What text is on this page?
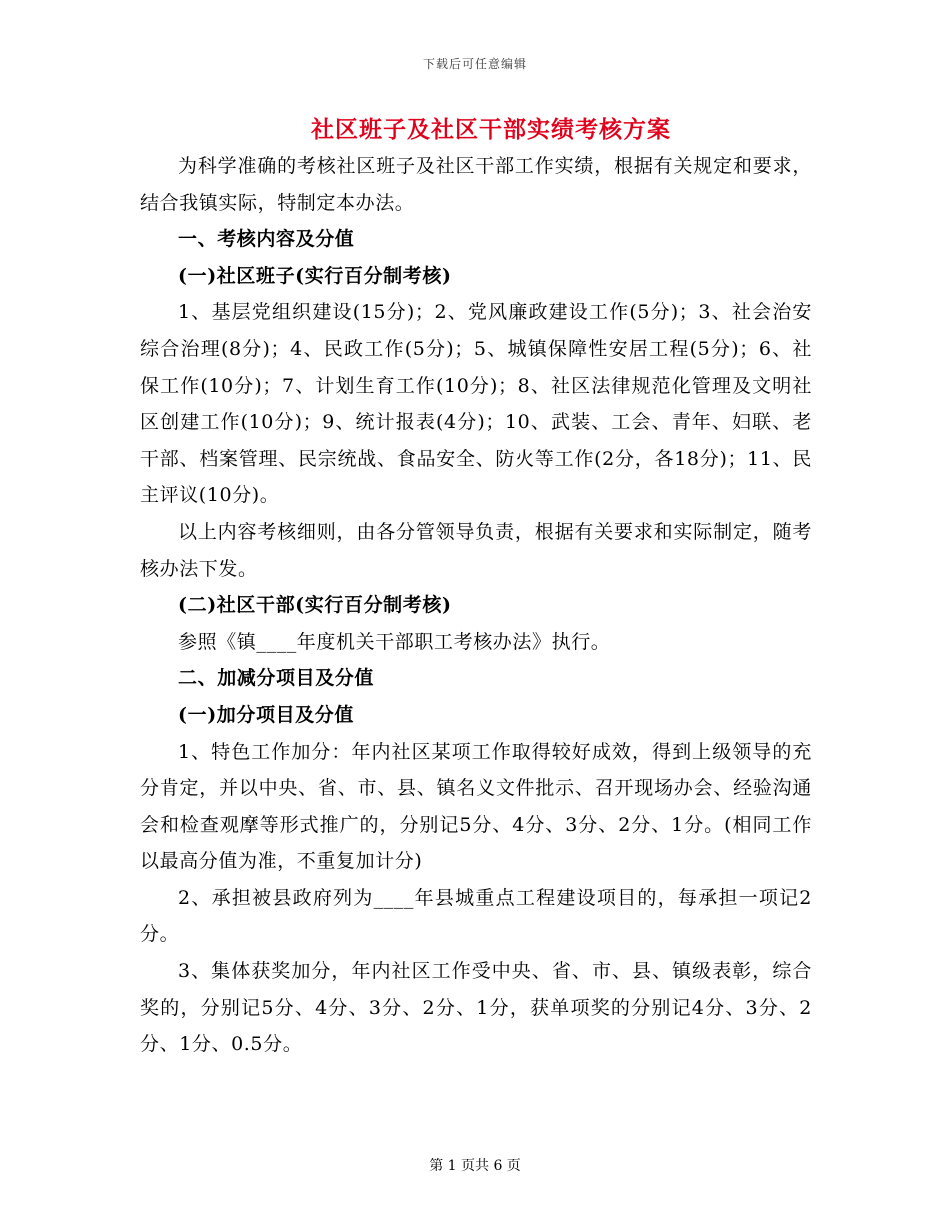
下载后可任意编辑
社区班子及社区干部实绩考核方案
为科学准确的考核社区班子及社区干部工作实绩，根据有关规定和要求，结合我镇实际，特制定本办法。
一、考核内容及分值
(一)社区班子(实行百分制考核)
1、基层党组织建设(15分)；2、党风廉政建设工作(5分)；3、社会治安综合治理(8分)；4、民政工作(5分)；5、城镇保障性安居工程(5分)；6、社保工作(10分)；7、计划生育工作(10分)；8、社区法律规范化管理及文明社区创建工作(10分)；9、统计报表(4分)；10、武装、工会、青年、妇联、老干部、档案管理、民宗统战、食品安全、防火等工作(2分，各18分)；11、民主评议(10分)。
以上内容考核细则，由各分管领导负责，根据有关要求和实际制定，随考核办法下发。
(二)社区干部(实行百分制考核)
参照《镇____年度机关干部职工考核办法》执行。
二、加减分项目及分值
(一)加分项目及分值
1、特色工作加分：年内社区某项工作取得较好成效，得到上级领导的充分肯定，并以中央、省、市、县、镇名义文件批示、召开现场办会、经验沟通会和检查观摩等形式推广的，分别记5分、4分、3分、2分、1分。(相同工作以最高分值为准，不重复加计分)
2、承担被县政府列为____年县城重点工程建设项目的，每承担一项记2分。
3、集体获奖加分，年内社区工作受中央、省、市、县、镇级表彰，综合奖的，分别记5分、4分、3分、2分、1分，获单项奖的分别记4分、3分、2分、1分、0.5分。
第 1 页共 6 页
